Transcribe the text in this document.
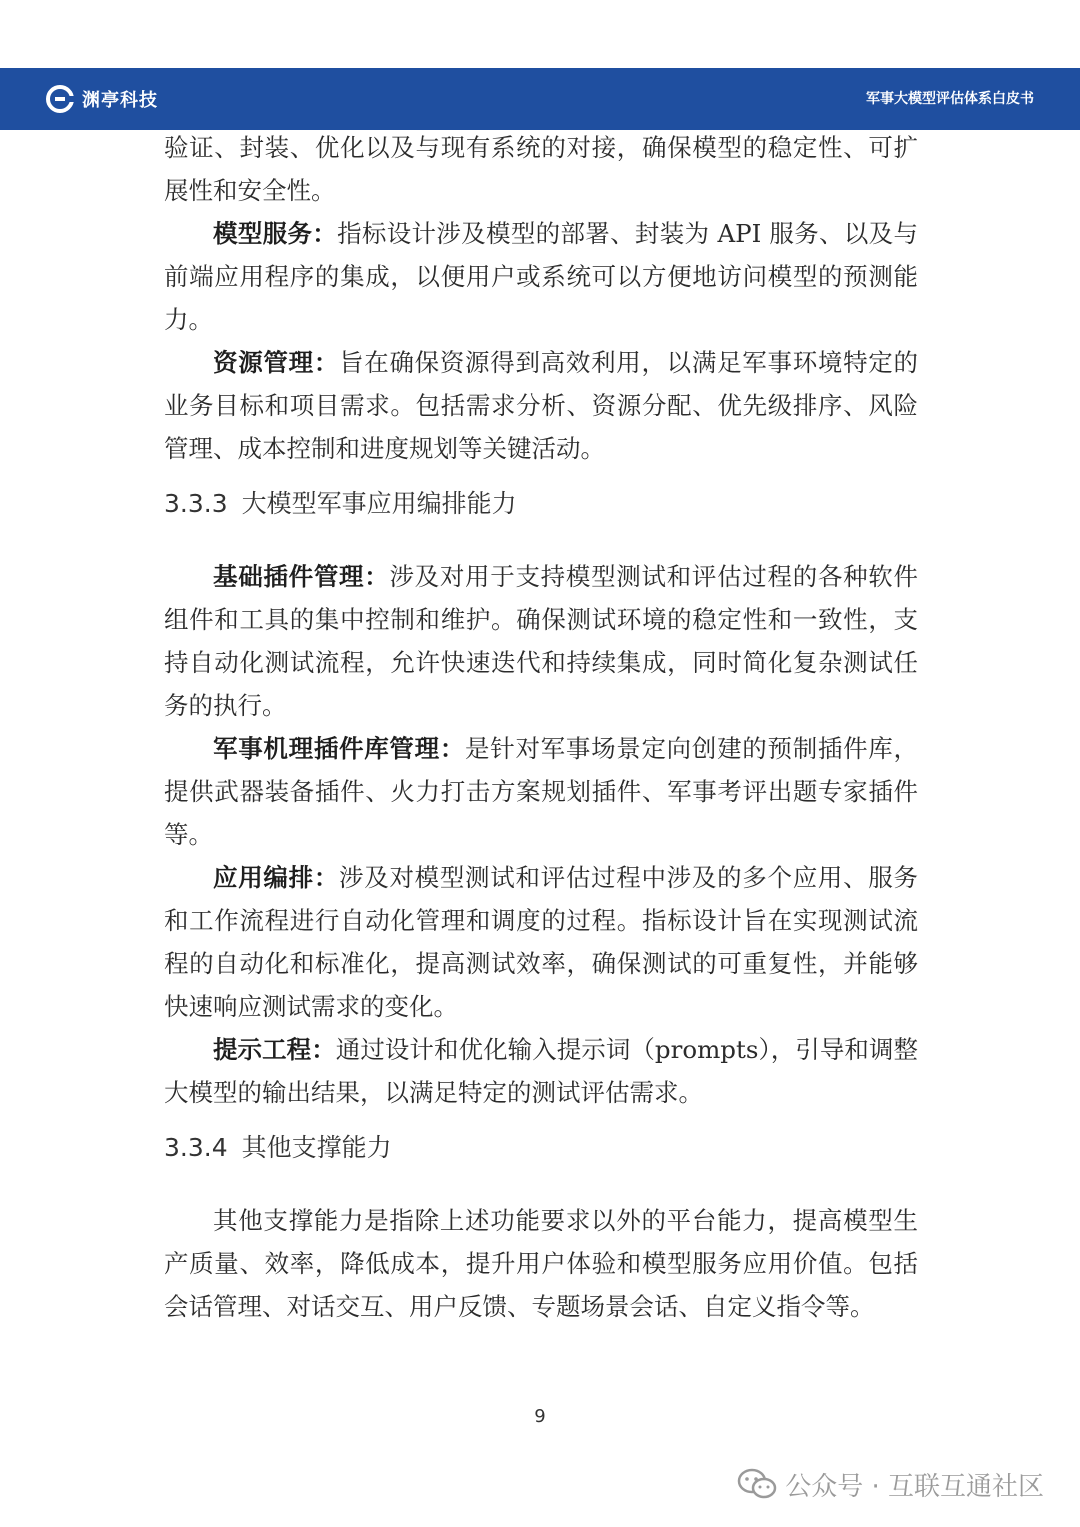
渊亭科技	军事大模型评估体系白皮书

验证、封装、优化以及与现有系统的对接，确保模型的稳定性、可扩展性和安全性。

模型服务：指标设计涉及模型的部署、封装为 API 服务、以及与前端应用程序的集成，以便用户或系统可以方便地访问模型的预测能力。

资源管理：旨在确保资源得到高效利用，以满足军事环境特定的业务目标和项目需求。包括需求分析、资源分配、优先级排序、风险管理、成本控制和进度规划等关键活动。

3.3.3 大模型军事应用编排能力

基础插件管理：涉及对用于支持模型测试和评估过程的各种软件组件和工具的集中控制和维护。确保测试环境的稳定性和一致性，支持自动化测试流程，允许快速迭代和持续集成，同时简化复杂测试任务的执行。

军事机理插件库管理：是针对军事场景定向创建的预制插件库，提供武器装备插件、火力打击方案规划插件、军事考评出题专家插件等。

应用编排：涉及对模型测试和评估过程中涉及的多个应用、服务和工作流程进行自动化管理和调度的过程。指标设计旨在实现测试流程的自动化和标准化，提高测试效率，确保测试的可重复性，并能够快速响应测试需求的变化。

提示工程：通过设计和优化输入提示词（prompts），引导和调整大模型的输出结果，以满足特定的测试评估需求。

3.3.4 其他支撑能力

其他支撑能力是指除上述功能要求以外的平台能力，提高模型生产质量、效率，降低成本，提升用户体验和模型服务应用价值。包括会话管理、对话交互、用户反馈、专题场景会话、自定义指令等。

9
公众号 · 互联互通社区
